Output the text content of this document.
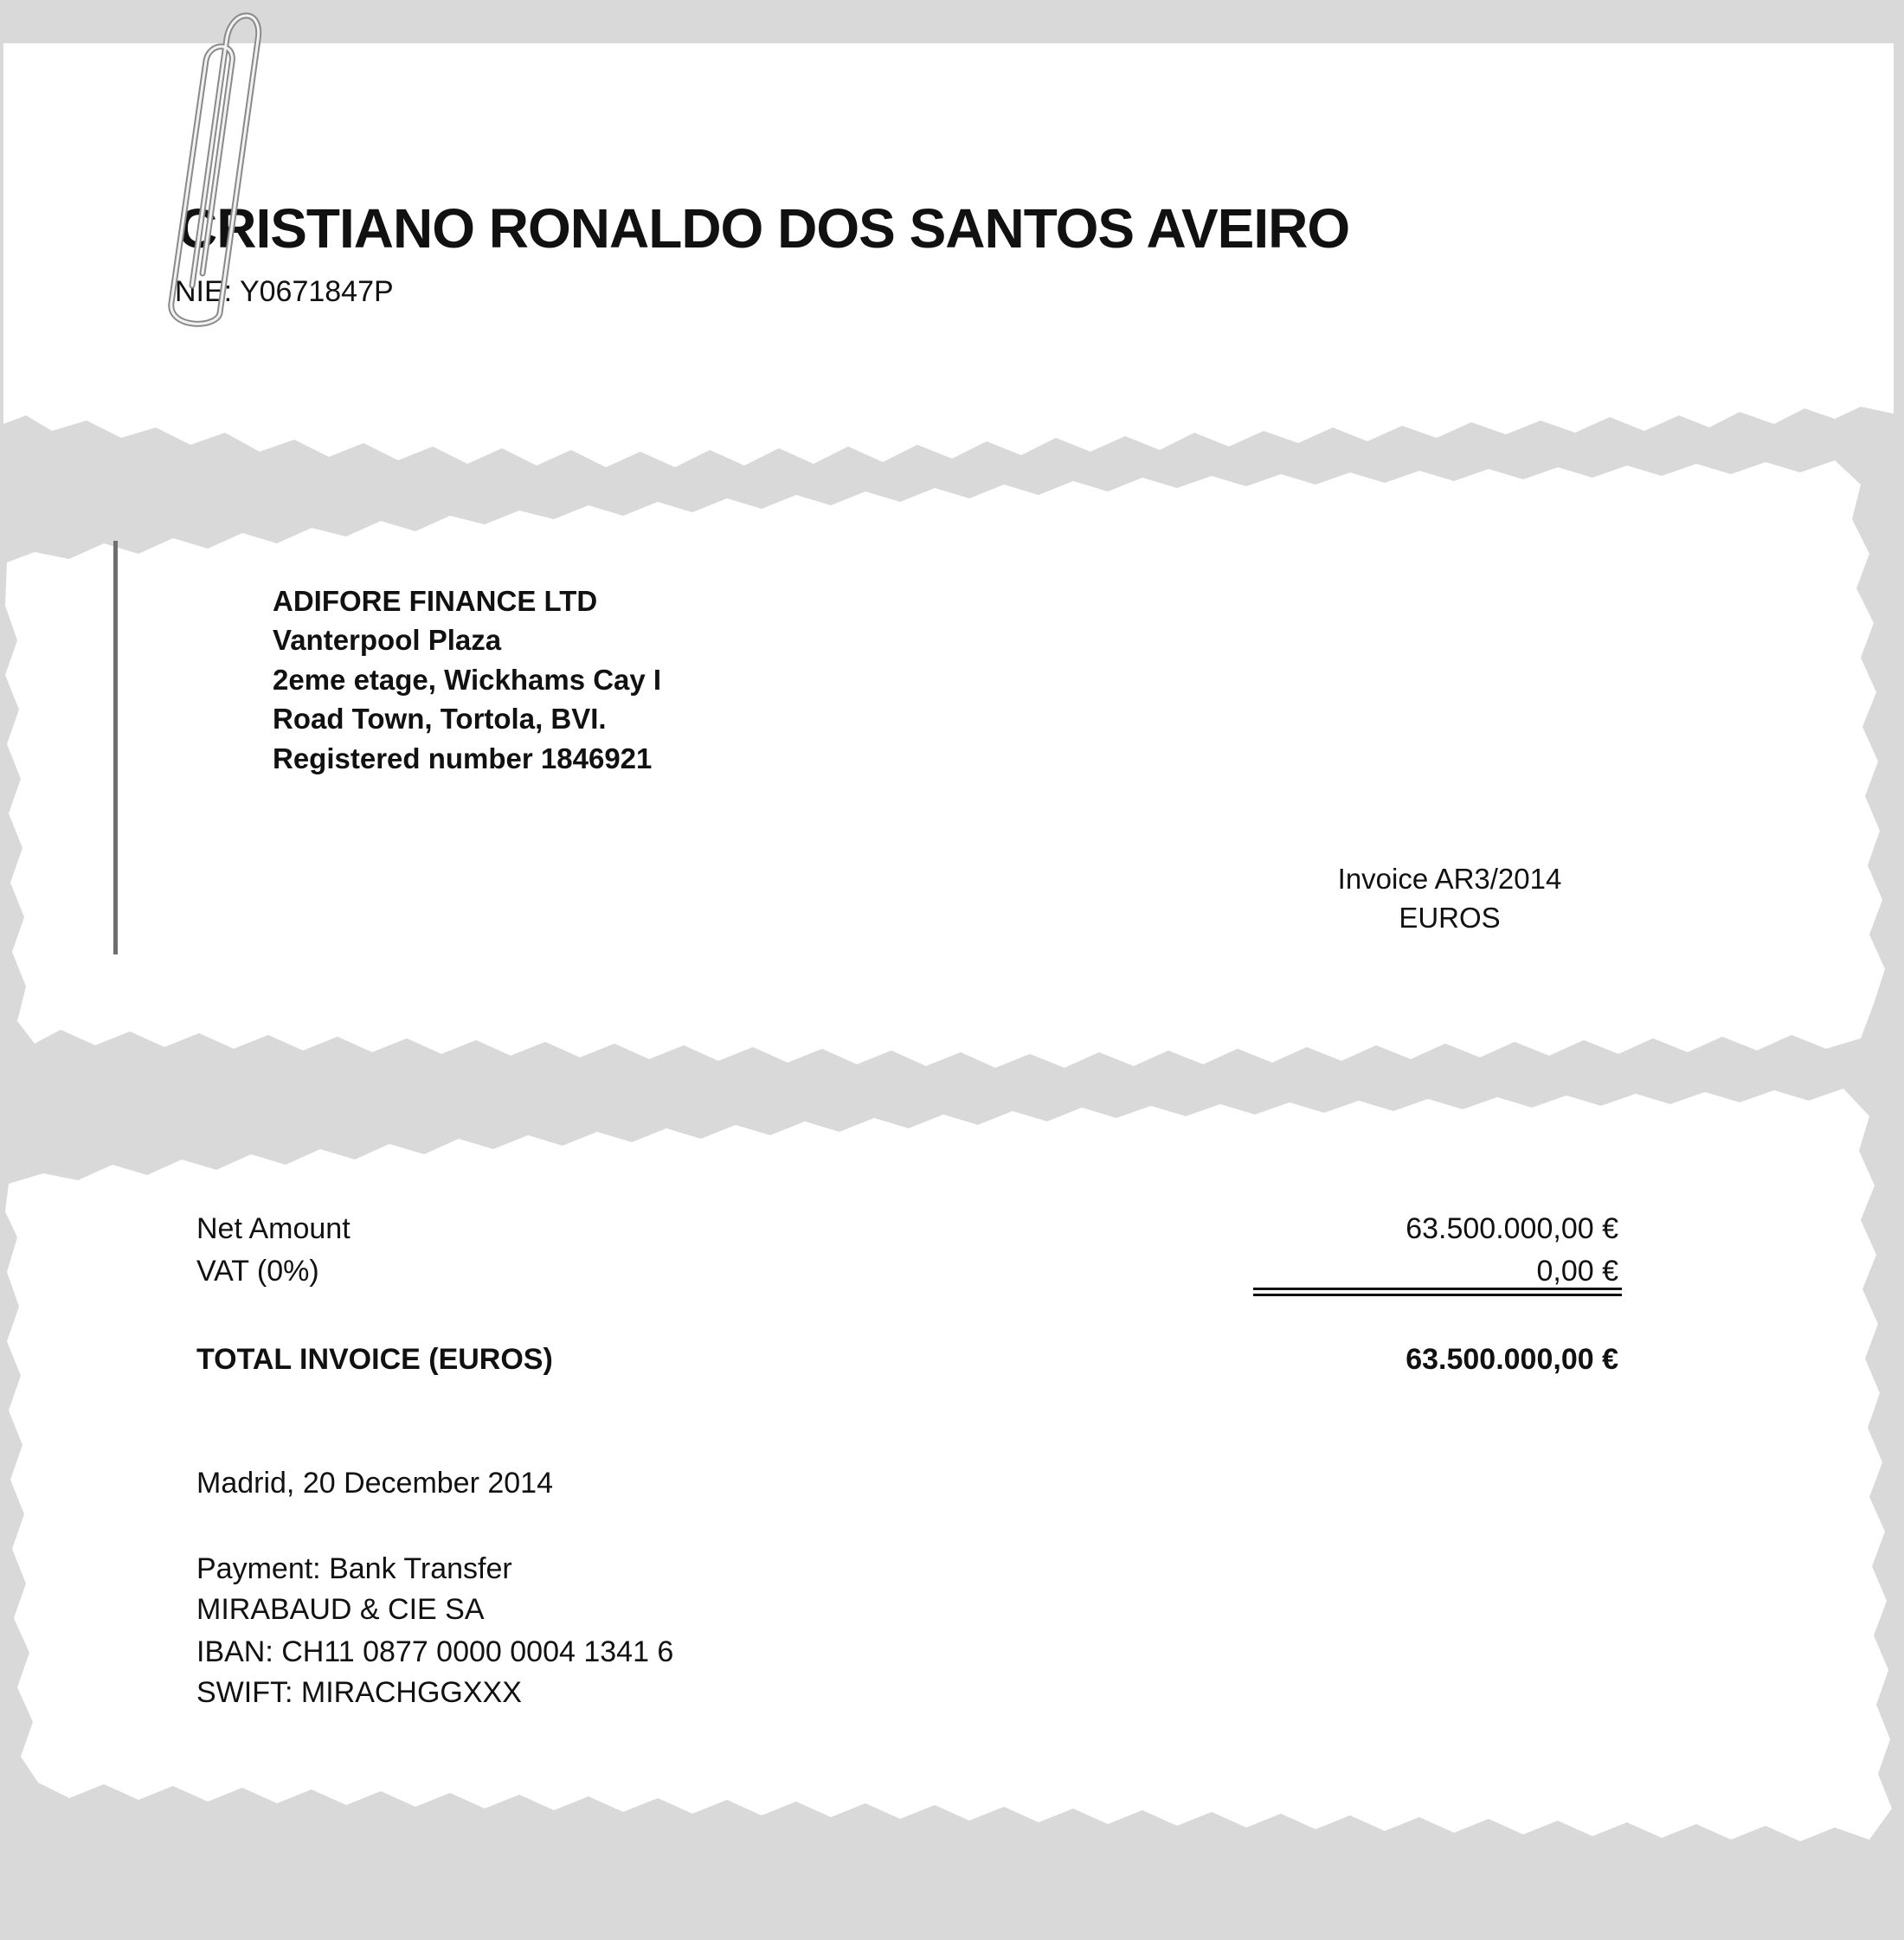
CRISTIANO RONALDO DOS SANTOS AVEIRO
NIE: Y0671847P
ADIFORE FINANCE LTD
Vanterpool Plaza
2eme etage, Wickhams Cay I
Road Town, Tortola, BVI.
Registered number 1846921
Invoice AR3/2014
EUROS
Net Amount	63.500.000,00 €
VAT (0%)	0,00 €
TOTAL INVOICE (EUROS)	63.500.000,00 €
Madrid, 20 December 2014
Payment: Bank Transfer
MIRABAUD & CIE SA
IBAN: CH11 0877 0000 0004 1341 6
SWIFT: MIRACHGGXXX
